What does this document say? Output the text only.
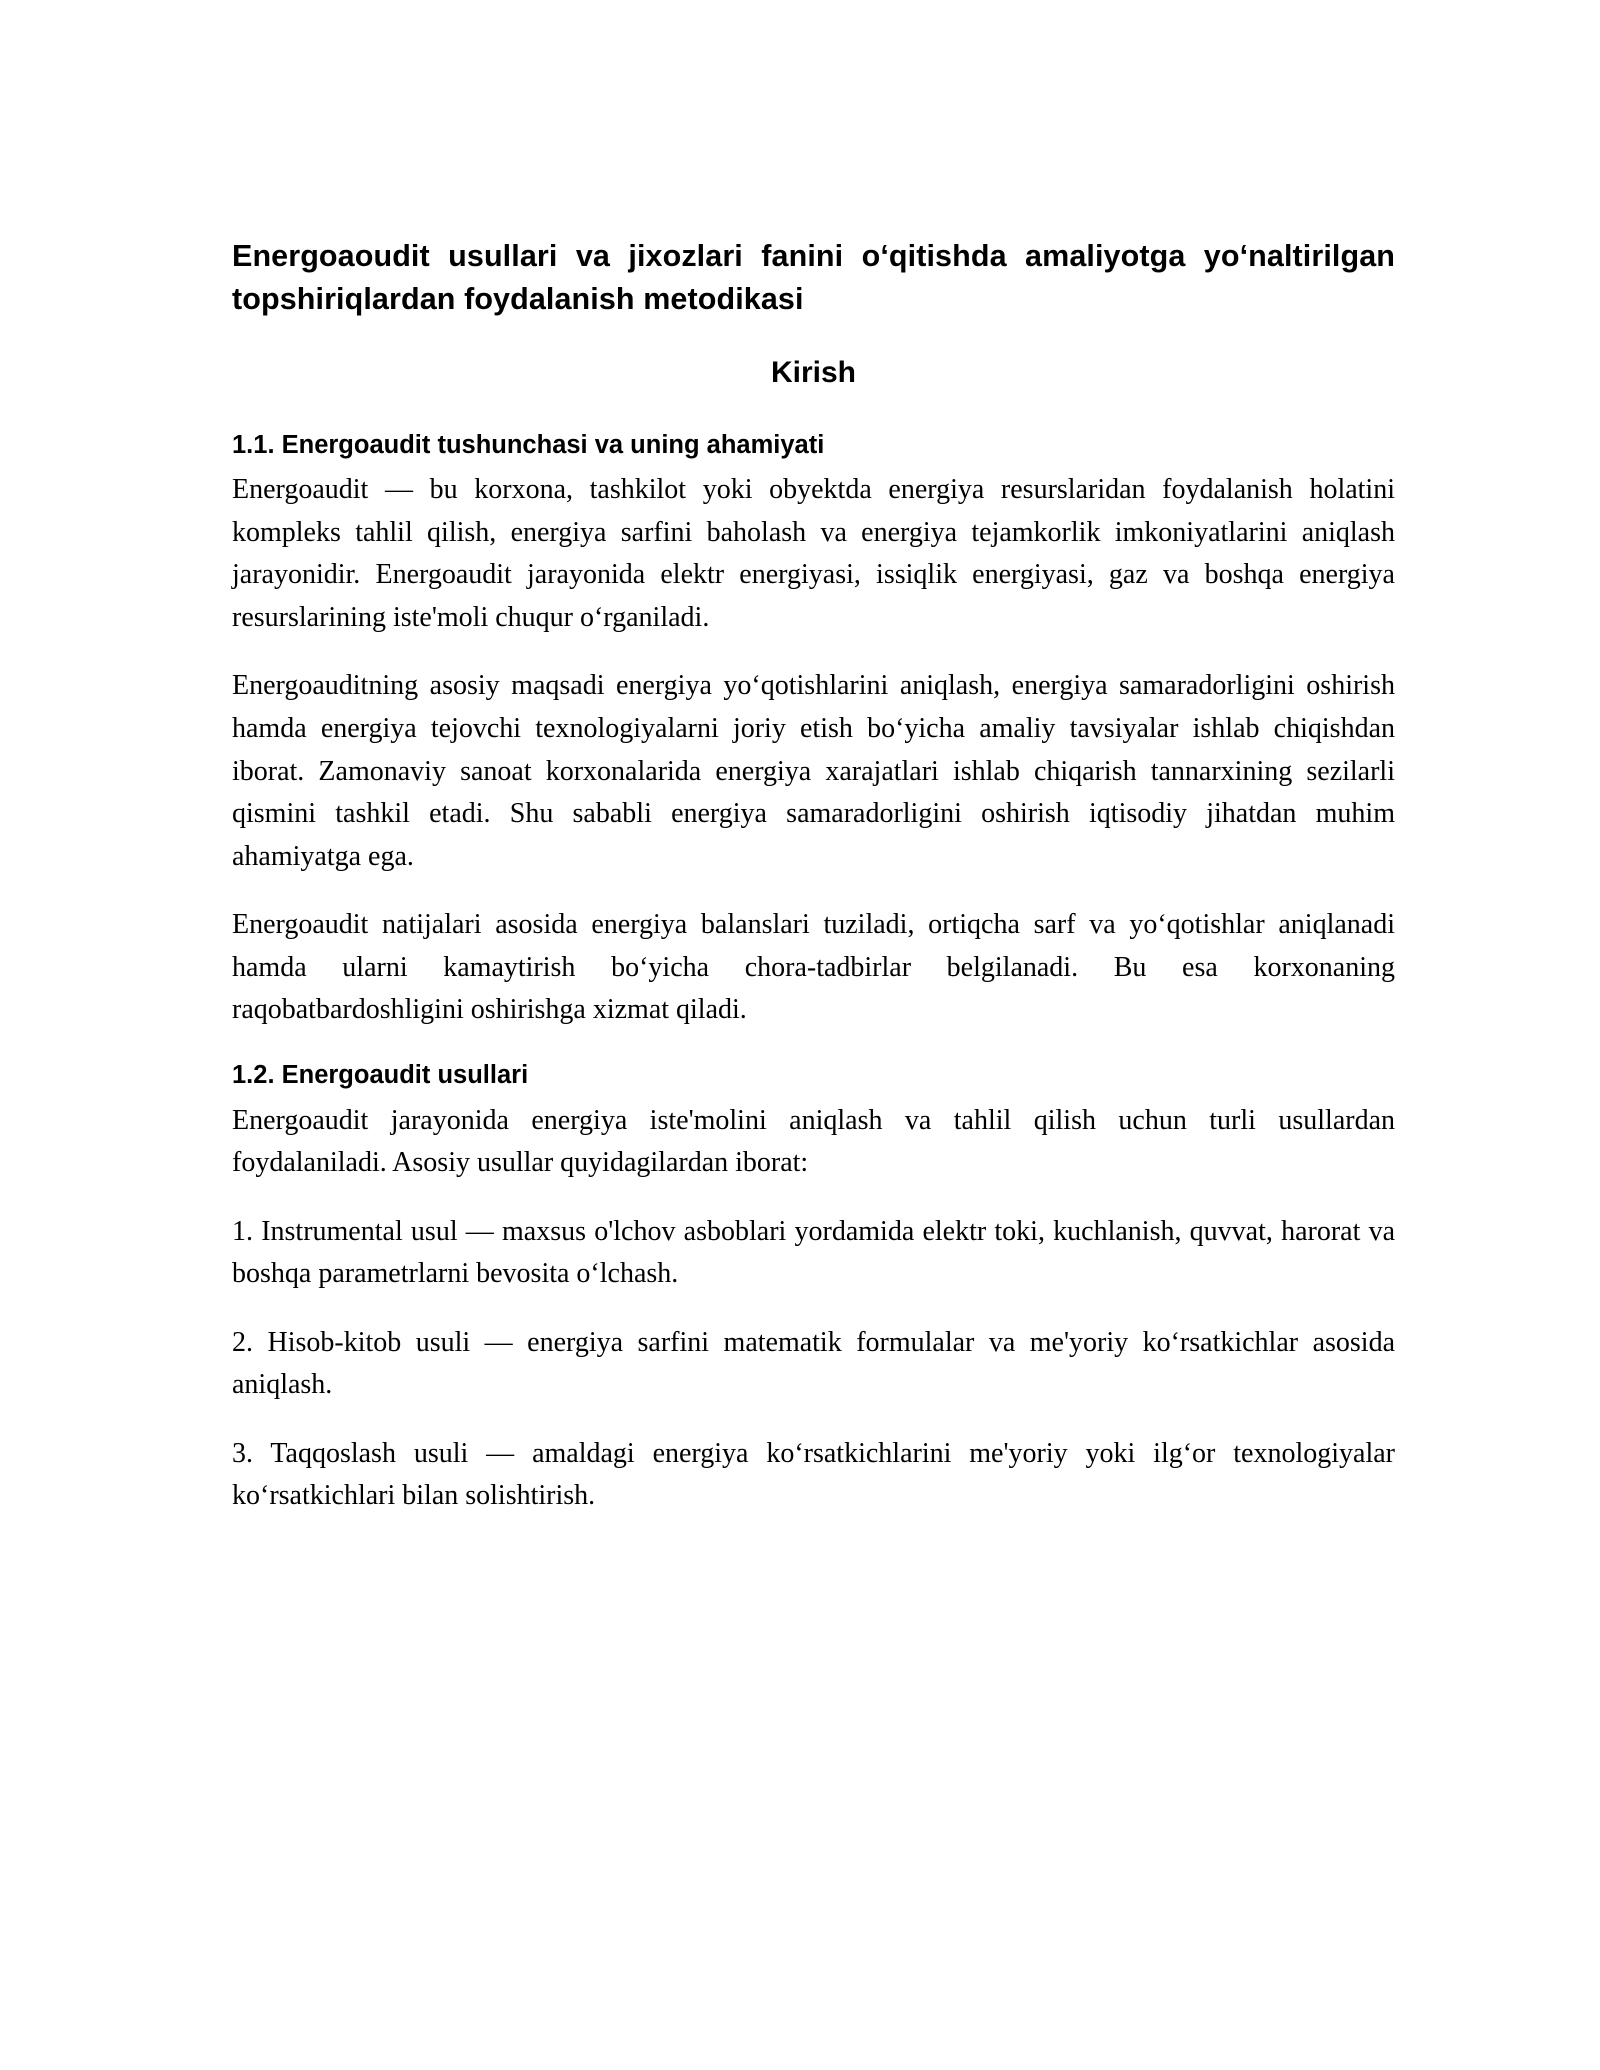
Energoaoudit usullari va jixozlari fanini o‘qitishda amaliyotga yo‘naltirilgan topshiriqlardan foydalanish metodikasi
Kirish
1.1. Energoaudit tushunchasi va uning ahamiyati

Energoaudit — bu korxona, tashkilot yoki obyektda energiya resurslaridan foydalanish holatini kompleks tahlil qilish, energiya sarfini baholash va energiya tejamkorlik imkoniyatlarini aniqlash jarayonidir. Energoaudit jarayonida elektr energiyasi, issiqlik energiyasi, gaz va boshqa energiya resurslarining iste'moli chuqur o‘rganiladi.

Energoauditning asosiy maqsadi energiya yo‘qotishlarini aniqlash, energiya samaradorligini oshirish hamda energiya tejovchi texnologiyalarni joriy etish bo‘yicha amaliy tavsiyalar ishlab chiqishdan iborat. Zamonaviy sanoat korxonalarida energiya xarajatlari ishlab chiqarish tannarxining sezilarli qismini tashkil etadi. Shu sababli energiya samaradorligini oshirish iqtisodiy jihatdan muhim ahamiyatga ega.

Energoaudit natijalari asosida energiya balanslari tuziladi, ortiqcha sarf va yo‘qotishlar aniqlanadi hamda ularni kamaytirish bo‘yicha chora-tadbirlar belgilanadi. Bu esa korxonaning raqobatbardoshligini oshirishga xizmat qiladi.

1.2. Energoaudit usullari

Energoaudit jarayonida energiya iste'molini aniqlash va tahlil qilish uchun turli usullardan foydalaniladi. Asosiy usullar quyidagilardan iborat:

1. Instrumental usul — maxsus o'lchov asboblari yordamida elektr toki, kuchlanish, quvvat, harorat va boshqa parametrlarni bevosita o‘lchash.

2. Hisob-kitob usuli — energiya sarfini matematik formulalar va me'yoriy ko‘rsatkichlar asosida aniqlash.

3. Taqqoslash usuli — amaldagi energiya ko‘rsatkichlarini me'yoriy yoki ilg‘or texnologiyalar ko‘rsatkichlari bilan solishtirish.
